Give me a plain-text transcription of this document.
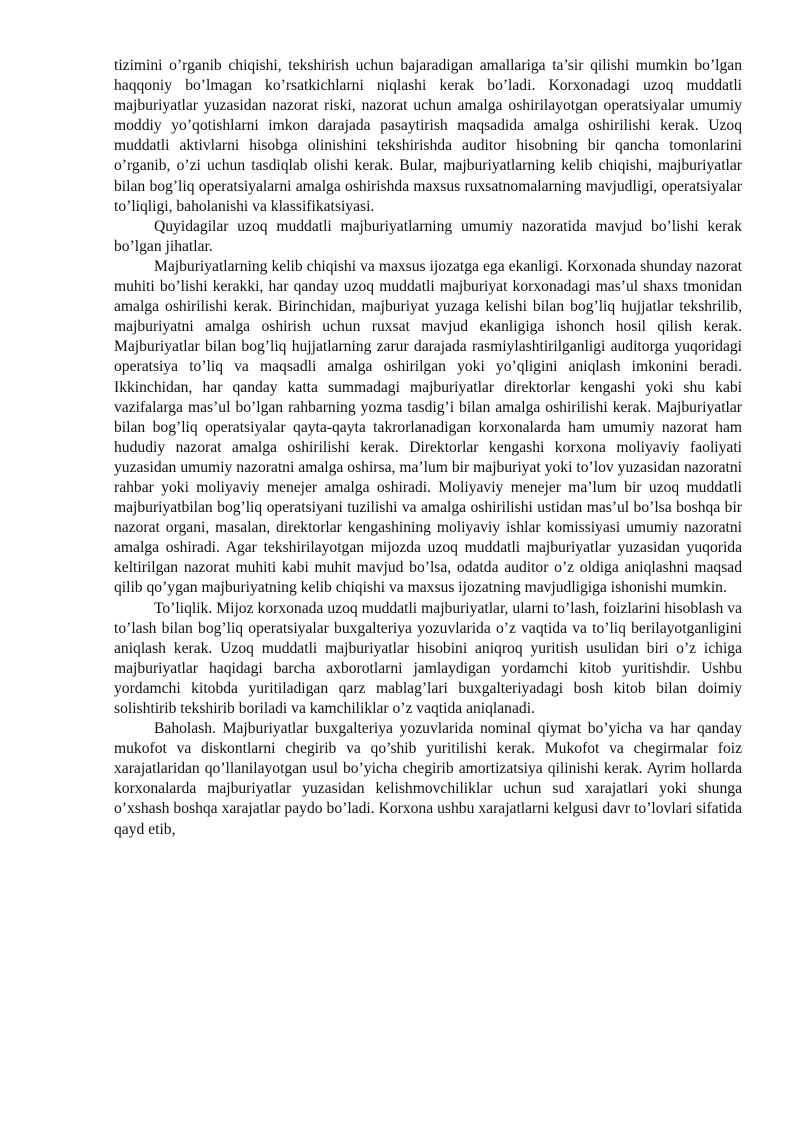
tizimini o’rganib chiqishi, tekshirish uchun bajaradigan amallariga ta’sir qilishi mumkin bo’lgan haqqoniy bo’lmagan ko’rsatkichlarni niqlashi kerak bo’ladi. Korxonadagi uzoq muddatli majburiyatlar yuzasidan nazorat riski, nazorat uchun amalga oshirilayotgan operatsiyalar umumiy moddiy yo’qotishlarni imkon darajada pasaytirish maqsadida amalga oshirilishi kerak. Uzoq muddatli aktivlarni hisobga olinishini tekshirishda auditor hisobning bir qancha tomonlarini o’rganib, o’zi uchun tasdiqlab olishi kerak. Bular, majburiyatlarning kelib chiqishi, majburiyatlar bilan bog’liq operatsiyalarni amalga oshirishda maxsus ruxsatnomalarning mavjudligi, operatsiyalar to’liqligi, baholanishi va klassifikatsiyasi.

Quyidagilar uzoq muddatli majburiyatlarning umumiy nazoratida mavjud bo’lishi kerak bo’lgan jihatlar.

Majburiyatlarning kelib chiqishi va maxsus ijozatga ega ekanligi. Korxonada shunday nazorat muhiti bo’lishi kerakki, har qanday uzoq muddatli majburiyat korxonadagi mas’ul shaxs tmonidan amalga oshirilishi kerak. Birinchidan, majburiyat yuzaga kelishi bilan bog’liq hujjatlar tekshrilib, majburiyatni amalga oshirish uchun ruxsat mavjud ekanligiga ishonch hosil qilish kerak. Majburiyatlar bilan bog’liq hujjatlarning zarur darajada rasmiylashtirilganligi auditorga yuqoridagi operatsiya to’liq va maqsadli amalga oshirilgan yoki yo’qligini aniqlash imkonini beradi. Ikkinchidan, har qanday katta summadagi majburiyatlar direktorlar kengashi yoki shu kabi vazifalarga mas’ul bo’lgan rahbarning yozma tasdig’i bilan amalga oshirilishi kerak. Majburiyatlar bilan bog’liq operatsiyalar qayta-qayta takrorlanadigan korxonalarda ham umumiy nazorat ham hududiy nazorat amalga oshirilishi kerak. Direktorlar kengashi korxona moliyaviy faoliyati yuzasidan umumiy nazoratni amalga oshirsa, ma’lum bir majburiyat yoki to’lov yuzasidan nazoratni rahbar yoki moliyaviy menejer amalga oshiradi. Moliyaviy menejer ma’lum bir uzoq muddatli majburiyatbilan bog’liq operatsiyani tuzilishi va amalga oshirilishi ustidan mas’ul bo’lsa boshqa bir nazorat organi, masalan, direktorlar kengashining moliyaviy ishlar komissiyasi umumiy nazoratni amalga oshiradi. Agar tekshirilayotgan mijozda uzoq muddatli majburiyatlar yuzasidan yuqorida keltirilgan nazorat muhiti kabi muhit mavjud bo’lsa, odatda auditor o’z oldiga aniqlashni maqsad qilib qo’ygan majburiyatning kelib chiqishi va maxsus ijozatning mavjudligiga ishonishi mumkin.

To’liqlik. Mijoz korxonada uzoq muddatli majburiyatlar, ularni to’lash, foizlarini hisoblash va to’lash bilan bog’liq operatsiyalar buxgalteriya yozuvlarida o’z vaqtida va to’liq berilayotganligini aniqlash kerak. Uzoq muddatli majburiyatlar hisobini aniqroq yuritish usulidan biri o’z ichiga majburiyatlar haqidagi barcha axborotlarni jamlaydigan yordamchi kitob yuritishdir. Ushbu yordamchi kitobda yuritiladigan qarz mablag’lari buxgalteriyadagi bosh kitob bilan doimiy solishtirib tekshirib boriladi va kamchiliklar o’z vaqtida aniqlanadi.

Baholash. Majburiyatlar buxgalteriya yozuvlarida nominal qiymat bo’yicha va har qanday mukofot va diskontlarni chegirib va qo’shib yuritilishi kerak. Mukofot va chegirmalar foiz xarajatlaridan qo’llanilayotgan usul bo’yicha chegirib amortizatsiya qilinishi kerak. Ayrim hollarda korxonalarda majburiyatlar yuzasidan kelishmovchiliklar uchun sud xarajatlari yoki shunga o’xshash boshqa xarajatlar paydo bo’ladi. Korxona ushbu xarajatlarni kelgusi davr to’lovlari sifatida qayd etib,
